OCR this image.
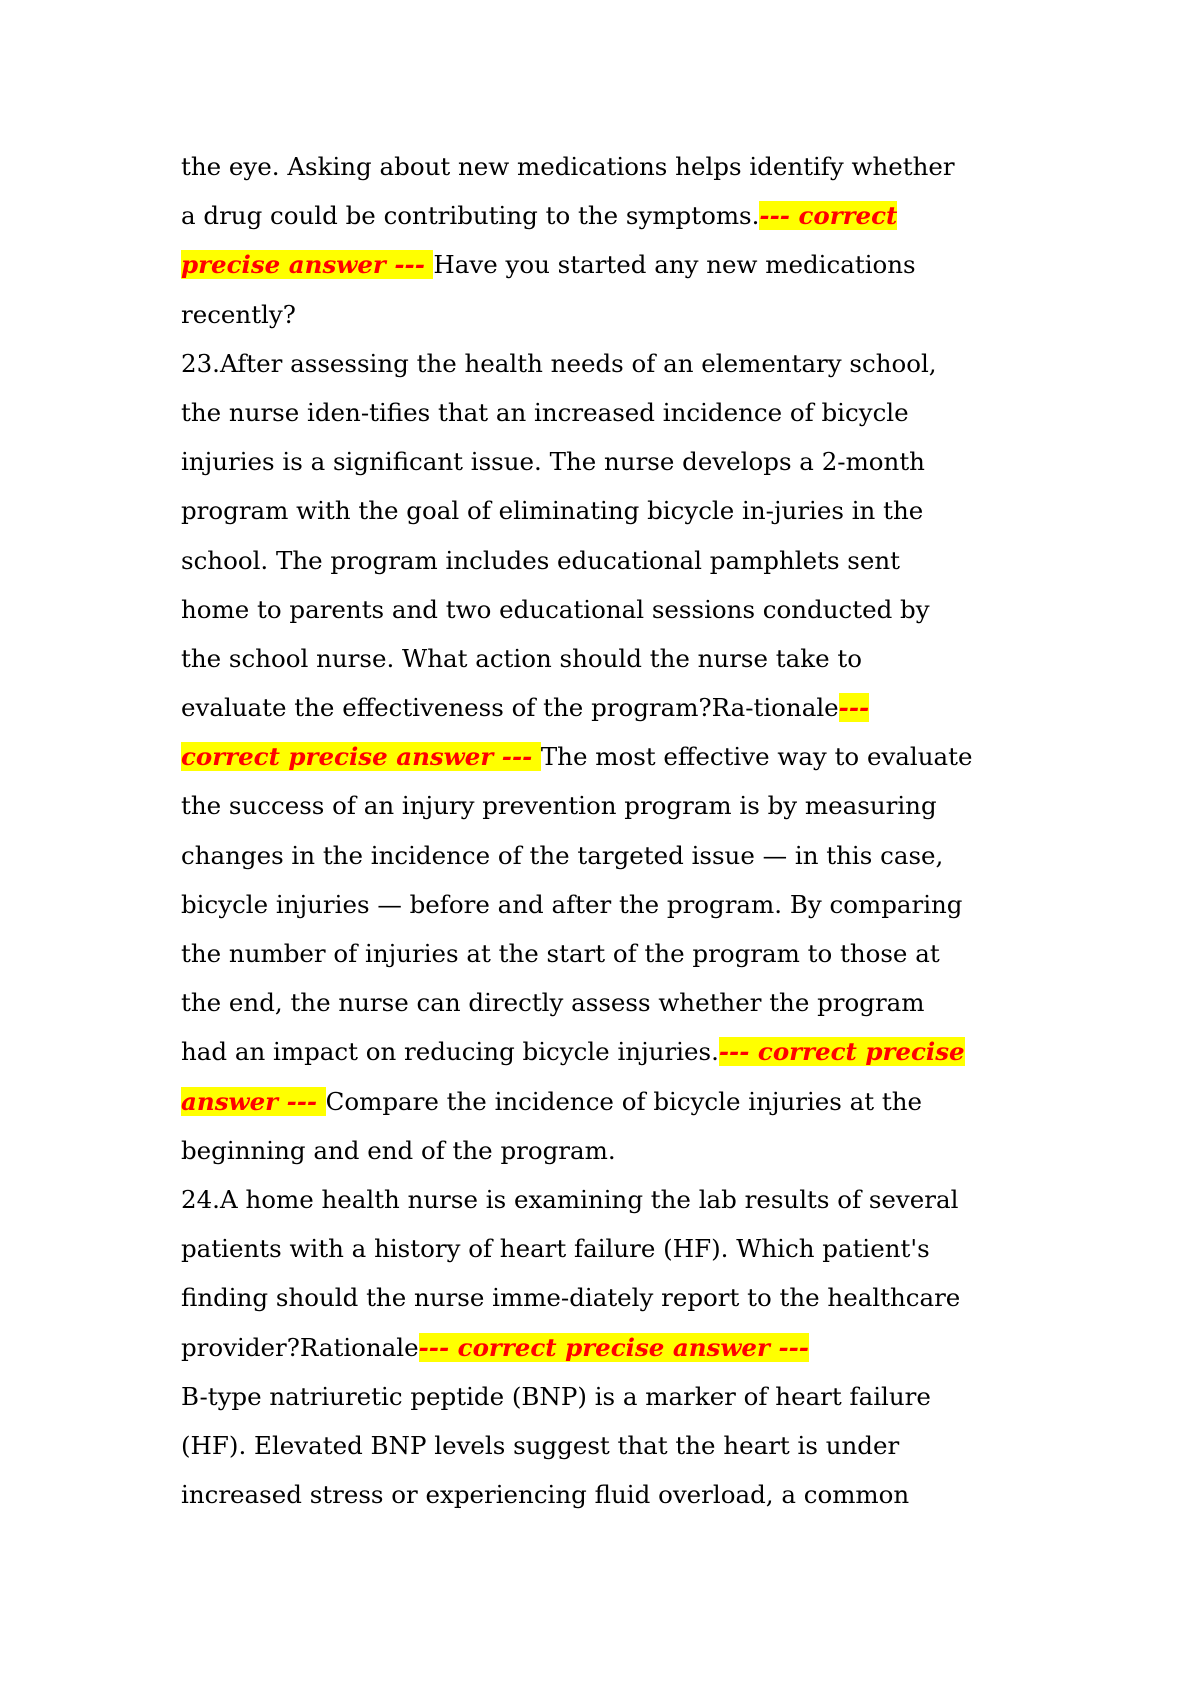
the eye. Asking about new medications helps identify whether
a drug could be contributing to the symptoms.--- correct
precise answer --- Have you started any new medications
recently?
23.After assessing the health needs of an elementary school,
the nurse iden-tifies that an increased incidence of bicycle
injuries is a significant issue. The nurse develops a 2-month
program with the goal of eliminating bicycle in-juries in the
school. The program includes educational pamphlets sent
home to parents and two educational sessions conducted by
the school nurse. What action should the nurse take to
evaluate the effectiveness of the program?Ra-tionale---
correct precise answer --- The most effective way to evaluate
the success of an injury prevention program is by measuring
changes in the incidence of the targeted issue — in this case,
bicycle injuries — before and after the program. By comparing
the number of injuries at the start of the program to those at
the end, the nurse can directly assess whether the program
had an impact on reducing bicycle injuries.--- correct precise
answer --- Compare the incidence of bicycle injuries at the
beginning and end of the program.
24.A home health nurse is examining the lab results of several
patients with a history of heart failure (HF). Which patient's
finding should the nurse imme-diately report to the healthcare
provider?Rationale--- correct precise answer ---
B-type natriuretic peptide (BNP) is a marker of heart failure
(HF). Elevated BNP levels suggest that the heart is under
increased stress or experiencing fluid overload, a common
